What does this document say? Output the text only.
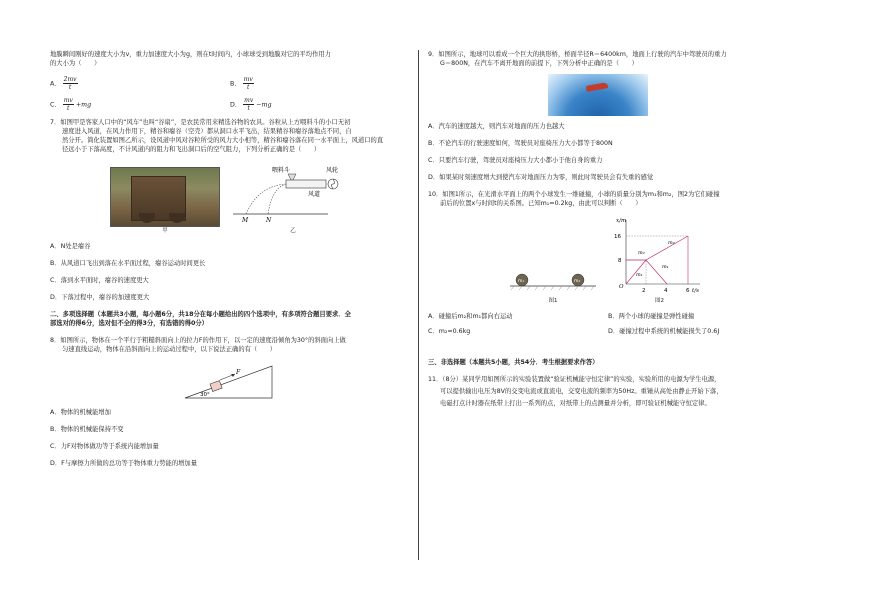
地膜瞬间刚好的速度大小为v，重力加速度大小为g，则在t时间内，小球球受到地膜对它的平均作用力
的大小为（　　）
A． $\frac{2mv}{t}$	B． $\frac{mv}{t}$
C． $\frac{mv}{t} +mg$	D． $\frac{mv}{t} -mg$
7．如图甲是客家人口中的“风车”也叫“谷扇”，是农民常用来精选谷物的农具。谷粒从上方喂料斗的小口无初
速度进入风道，在风力作用下，精谷和瘪谷（空壳）都从洞口水平飞出，结果精谷和瘪谷落地点不同，自
然分开。简化装置如图乙所示，设风道中风对谷粒所受的风力大小相等，精谷和瘪谷落在同一水平面上，风道口的直
径远小于下落高度，不计风道内的阻力和飞出洞口后的空气阻力，下列分析正确的是（　　）
甲
喂料斗	风轮
风道
M	N
乙
A．N处是瘪谷
B．从风道口飞出到落在水平面过程，瘪谷运动时间更长
C．落到水平面时，瘪谷的速度更大
D．下落过程中，瘪谷的加速度更大
二、多项选择题（本题共3小题，每小题6分，共18分在每小题给出的四个选项中，有多项符合题目要求．全
部选对的得6分，选对但不全的得3分，有选错的得0分）
8．如图所示，物体在一个平行于粗糙斜面向上的拉力F的作用下，以一定的速度沿倾角为30°的斜面向上做
匀速直线运动，物体在沿斜面向上的运动过程中，以下说法正确的有（　　）
F
30°
A．物体的机械能增加
B．物体的机械能保持不变
C．力F对物体做功等于系统内能增加量
D．F与摩擦力所做的总功等于物体重力势能的增加量
9．如图所示，地球可以看成一个巨大的拱形桥，桥面半径R＝6400km，地面上行驶的汽车中驾驶员的重力
G＝800N，在汽车不离开地面的前提下，下列分析中正确的是（　　）
A．汽车的速度越大，则汽车对地面的压力也越大
B．不论汽车的行驶速度如何，驾驶员对座椅压力大小都等于800N
C．只要汽车行驶，驾驶员对座椅压力大小都小于他自身的重力
D．如果某时刻速度增大到使汽车对地面压力为零，则此时驾驶员会有失重的感觉
10．如图1所示，在光滑水平面上的两个小球发生一维碰撞，小球的质量分别为m₁和m₂，图2为它们碰撞
前后的位置x与时间t的关系图。已知m₁=0.2kg，由此可以判断（　　）
m₁	m₂
图1
x/m
t/s
O
16
8
2	4	6
m₂
m₁
m₂
m₁
图2
A．碰撞后m₂和m₁都向右运动	B．两个小球的碰撞是弹性碰撞
C．m₂=0.6kg	D．碰撞过程中系统的机械能损失了0.6J
三、非选择题（本题共5小题，共54分．考生根据要求作答）
11．（8分）某同学用如图所示的实验装置做“验证机械能守恒定律”的实验，实验所用的电源为学生电源，
可以提供输出电压为8V的交变电流或直流电，交变电流的频率为50Hz。重锤从高处由静止开始下落，
电磁打点计时器在纸带上打出一系列的点，对纸带上的点测量并分析，即可验证机械能守恒定律。
